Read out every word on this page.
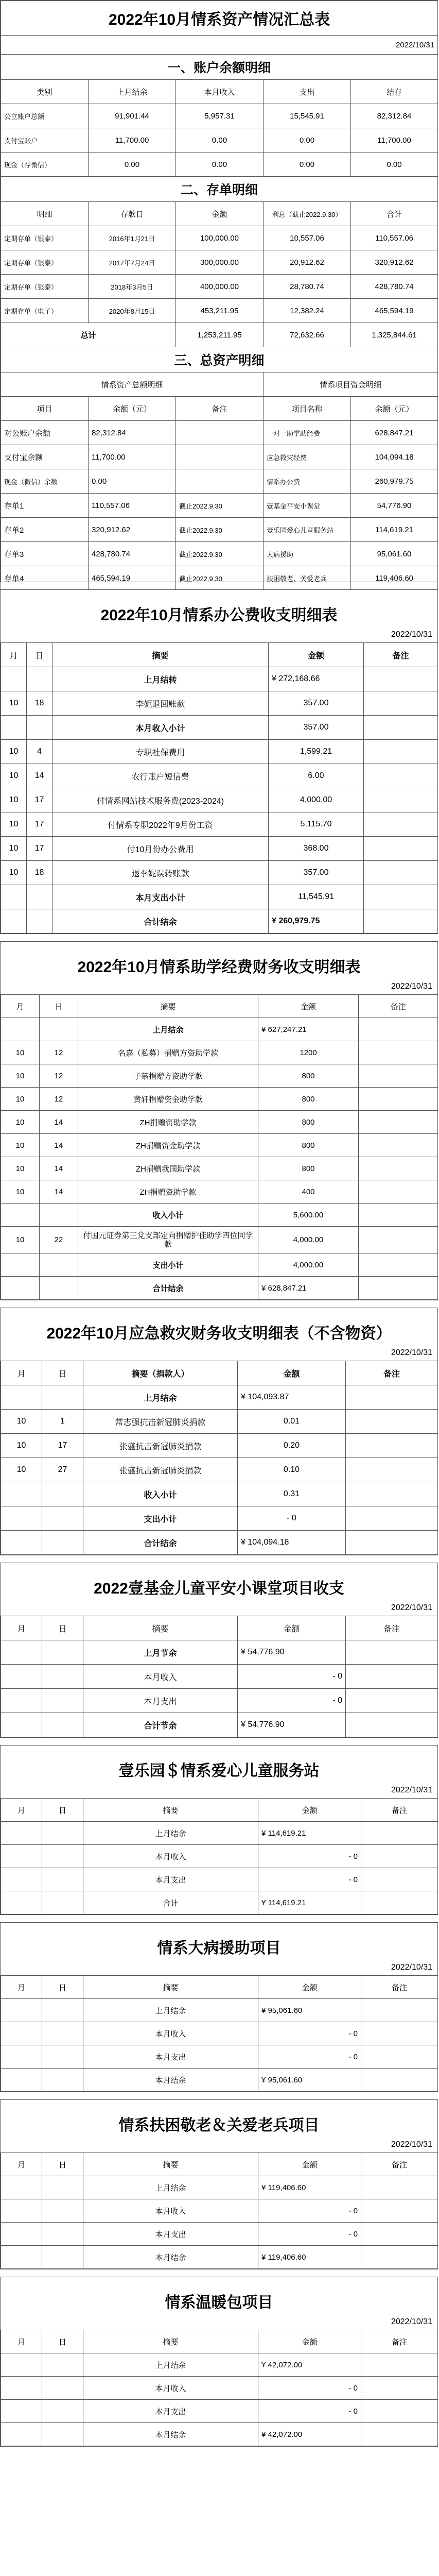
2022年10月情系资产情况汇总表				
2022/10/31				
一、账户余额明细				
类别	上月结余	本月收入	支出	结存
公立账户总额	91,901.44	5,957.31	15,545.91	82,312.84
支付宝账户	11,700.00	0.00	0.00	11,700.00
现金（存微信）	0.00	0.00	0.00	0.00
二、存单明细				
明细	存款日	金额	利息（截止2022.9.30）	合计
定期存单（银泰）	2016年1月21日	100,000.00	10,557.06	110,557.06
定期存单（银泰）	2017年7月24日	300,000.00	20,912.62	320,912.62
定期存单（银泰）	2018年3月5日	400,000.00	28,780.74	428,780.74
定期存单（电子）	2020年8月15日	453,211.95	12,382.24	465,594.19
总计		1,253,211.95	72,632.66	1,325,844.61
三、总资产明细				
情系资产总额明细			情系项目资金明细	
项目	余额（元）	备注	项目名称	余额（元）
对公账户余额	82,312.84		一对一助学助经费	628,847.21
支付宝余额	11,700.00		应急救灾经费	104,094.18
现金（微信）余额	0.00		情系办公费	260,979.75
存单1	110,557.06	截止2022.9.30	壹基金平安小课堂	54,776.90
存单2	320,912.62	截止2022.9.30	壹乐园爱心儿童服务站	114,619.21
存单3	428,780.74	截止2022.9.30	大病援助	95,061.60
存单4	465,594.19	截止2022.9.30	扶困敬老、关爱老兵	119,406.60

2022年10月情系办公费收支明细表
2022/10/31
月	日	摘要	金额	备注
		上月结转	¥ 272,168.66	
10	18	李妮退回账款	357.00	
		本月收入小计	357.00	
10	4	专职社保费用	1,599.21	
10	14	农行账户短信费	6.00	
10	17	付情系网站技术服务费(2023-2024)	4,000.00	
10	17	付情系专职2022年9月份工资	5,115.70	
10	17	付10月份办公费用	368.00	
10	18	退李妮误转账款	357.00	
		本月支出小计	11,545.91	
		合计结余	¥ 260,979.75	
2022年10月情系助学经费财务收支明细表
2022/10/31
月	日	摘要	金额	备注
		上月结余	¥ 627,247.21	
10	12	名嘉（私募）捐赠方资助学款	1200	
10	12	子慕捐赠方资助学款	800	
10	12	黄轩捐赠资金助学款	800	
10	14	ZH捐赠资助学款	800	
10	14	ZH捐赠资金助学款	800	
10	14	ZH捐赠我国助学款	800	
10	14	ZH捐赠资助学款	400	
		收入小计	5,600.00	
10	22	付国元证券第三党支部定向捐赠护佳助学四位同学款	4,000.00	
		支出小计	4,000.00	
		合计结余	¥ 628,847.21	
2022年10月应急救灾财务收支明细表（不含物资）
2022/10/31
月	日	摘要（捐款人）	金额	备注
		上月结余	¥ 104,093.87	
10	1	常志强抗击新冠肺炎捐款	0.01	
10	17	张盛抗击新冠肺炎捐款	0.20	
10	27	张盛抗击新冠肺炎捐款	0.10	
		收入小计	0.31	
		支出小计	- 0	
		合计结余	¥ 104,094.18	
2022壹基金儿童平安小课堂项目收支
2022/10/31
月	日	摘要	金额	备注
		上月节余	¥ 54,776.90	
		本月收入	- 0	
		本月支出	- 0	
		合计节余	¥ 54,776.90	
壹乐园＄情系爱心儿童服务站
2022/10/31
月	日	摘要	金额	备注
		上月结余	¥ 114,619.21	
		本月收入	- 0	
		本月支出	- 0	
		合计	¥ 114,619.21	
情系大病援助项目
2022/10/31
月	日	摘要	金额	备注
		上月结余	¥ 95,061.60	
		本月收入	- 0	
		本月支出	- 0	
		本月结余	¥ 95,061.60	
情系扶困敬老＆关爱老兵项目
2022/10/31
月	日	摘要	金额	备注
		上月结余	¥ 119,406.60	
		本月收入	- 0	
		本月支出	- 0	
		本月结余	¥ 119,406.60	
情系温暖包项目
2022/10/31
月	日	摘要	金额	备注
		上月结余	¥ 42,072.00	
		本月收入	- 0	
		本月支出	- 0	
		本月结余	¥ 42,072.00	
